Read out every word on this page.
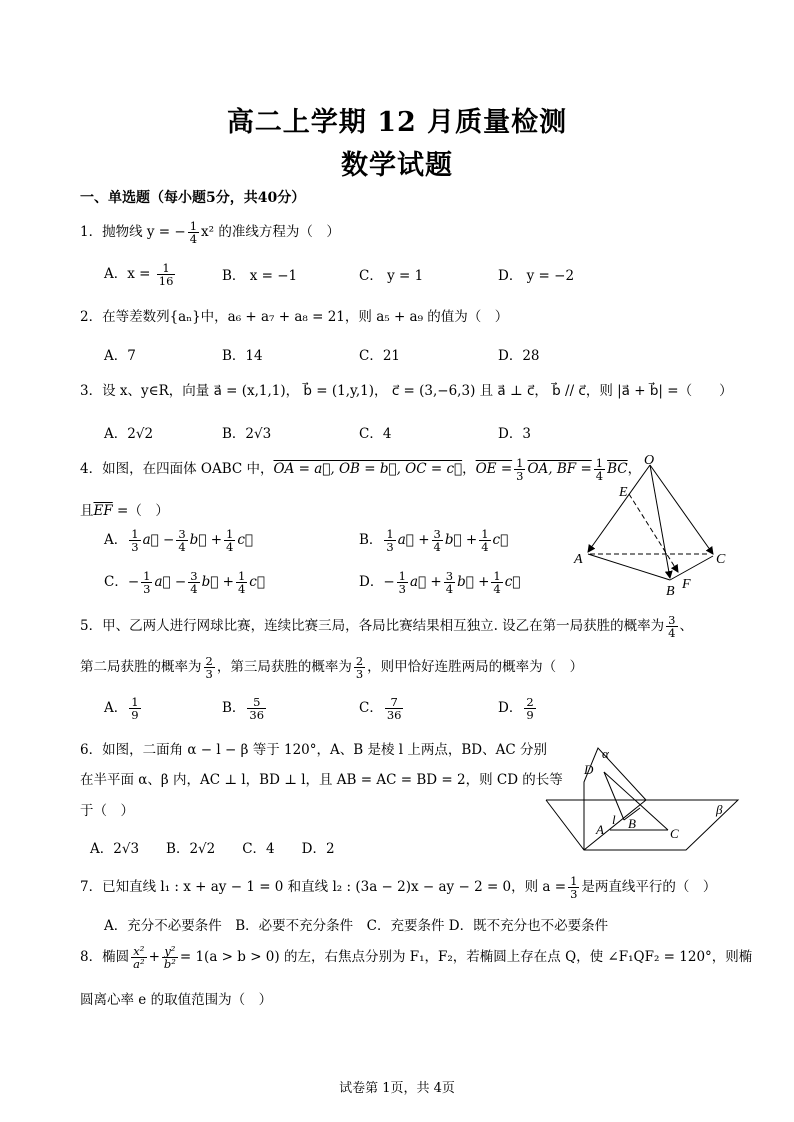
高二上学期 12 月质量检测
数学试题
一、单选题（每小题5分，共40分）
1．抛物线 y = − $\frac{1}{4} x^2$ 的准线方程为（　）
A．$x = \frac{1}{16}$	B． x = −1	C． y = 1	D． y = −2
2．在等差数列{aₙ}中，a₆ + a₇ + a₈ = 21，则 a₅ + a₉ 的值为（　）
A．7	B．14	C．21	D．28
3．设 x、y∈R，向量 a⃗ = (x,1,1)， b⃗ = (1,y,1)， c⃗ = (3,−6,3) 且 a⃗ ⊥ c⃗， b⃗ // c⃗，则 |a⃗ + b⃗| =（　　）
A．2√2	B．2√3	C．4	D．3
4．如图，在四面体 OABC 中，OA = a⃗, OB = b⃗, OC = c⃗，OE = $\frac{1}{3}$ OA, BF = $\frac{1}{4} \overline{BC}$，
且$\overline{EF}$ =（　）
A． $\frac{1}{3}$ a⃗ − $\frac{3}{4}$ b⃗ + $\frac{1}{4}$ c⃗	B． $\frac{1}{3}$ a⃗ + $\frac{3}{4}$ b⃗ + $\frac{1}{4}$ c⃗
C．− $\frac{1}{3}$ a⃗ − $\frac{3}{4}$ b⃗ + $\frac{1}{4}$ c⃗	D．− $\frac{1}{3}$ a⃗ + $\frac{3}{4}$ b⃗ + $\frac{1}{4}$ c⃗
O
E
A
B
C
F
5．甲、乙两人进行网球比赛，连续比赛三局，各局比赛结果相互独立. 设乙在第一局获胜的概率为 $\frac{3}{4}$ 、
第二局获胜的概率为 $\frac{2}{3}$ ，第三局获胜的概率为 $\frac{2}{3}$ ，则甲恰好连胜两局的概率为（　）
A． $\frac{1}{9}$	B． $\frac{5}{36}$	C． $\frac{7}{36}$	D． $\frac{2}{9}$
6．如图，二面角 α − l − β 等于 120°，A、B 是棱 l 上两点，BD、AC 分别
在半平面 α、β 内，AC ⊥ l，BD ⊥ l，且 AB = AC = BD = 2，则 CD 的长等
于（　）
A．2√3　　B．2√2　　C．4　　D．2
α
β
D
l B
A	C
7．已知直线 l₁ : x + ay − 1 = 0 和直线 l₂ : (3a − 2)x − ay − 2 = 0，则 $a = \frac{1}{3}$ 是两直线平行的（　）
A．充分不必要条件　B．必要不充分条件　C．充要条件 D．既不充分也不必要条件
8．椭圆 $\frac{\text{x²}}{\text{a²}} + \frac{\text{y²}}{\text{b²}} = 1(a > b > 0)$ 的左，右焦点分别为 F₁，F₂，若椭圆上存在点 Q，使 ∠F₁QF₂ = 120°，则椭
圆离心率 e 的取值范围为（　）
试卷第 1页，共 4页
